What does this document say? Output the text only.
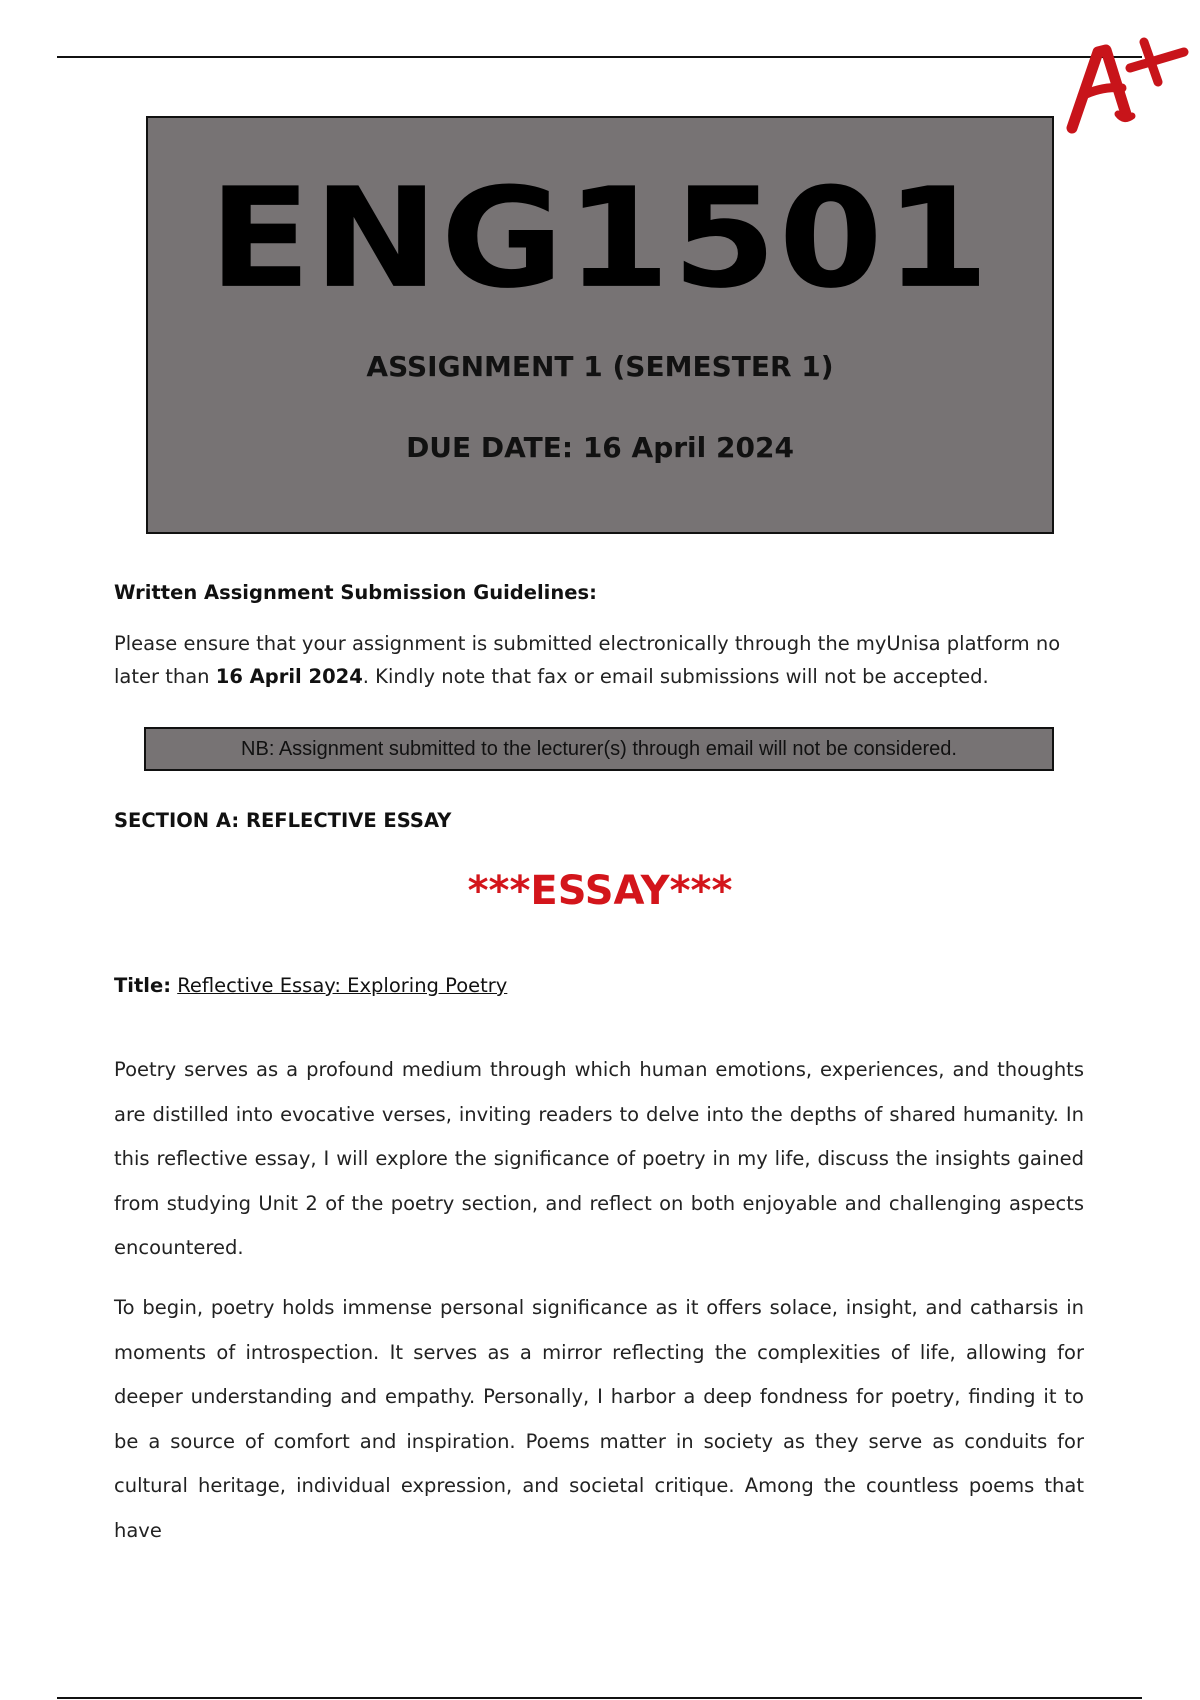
ENG1501
ASSIGNMENT 1 (SEMESTER 1)
DUE DATE: 16 April 2024
Written Assignment Submission Guidelines:
Please ensure that your assignment is submitted electronically through the myUnisa platform no later than 16 April 2024. Kindly note that fax or email submissions will not be accepted.
NB: Assignment submitted to the lecturer(s) through email will not be considered.
SECTION A: REFLECTIVE ESSAY
***ESSAY***
Title: Reflective Essay: Exploring Poetry
Poetry serves as a profound medium through which human emotions, experiences, and thoughts are distilled into evocative verses, inviting readers to delve into the depths of shared humanity. In this reflective essay, I will explore the significance of poetry in my life, discuss the insights gained from studying Unit 2 of the poetry section, and reflect on both enjoyable and challenging aspects encountered.
To begin, poetry holds immense personal significance as it offers solace, insight, and catharsis in moments of introspection. It serves as a mirror reflecting the complexities of life, allowing for deeper understanding and empathy. Personally, I harbor a deep fondness for poetry, finding it to be a source of comfort and inspiration. Poems matter in society as they serve as conduits for cultural heritage, individual expression, and societal critique. Among the countless poems that have
